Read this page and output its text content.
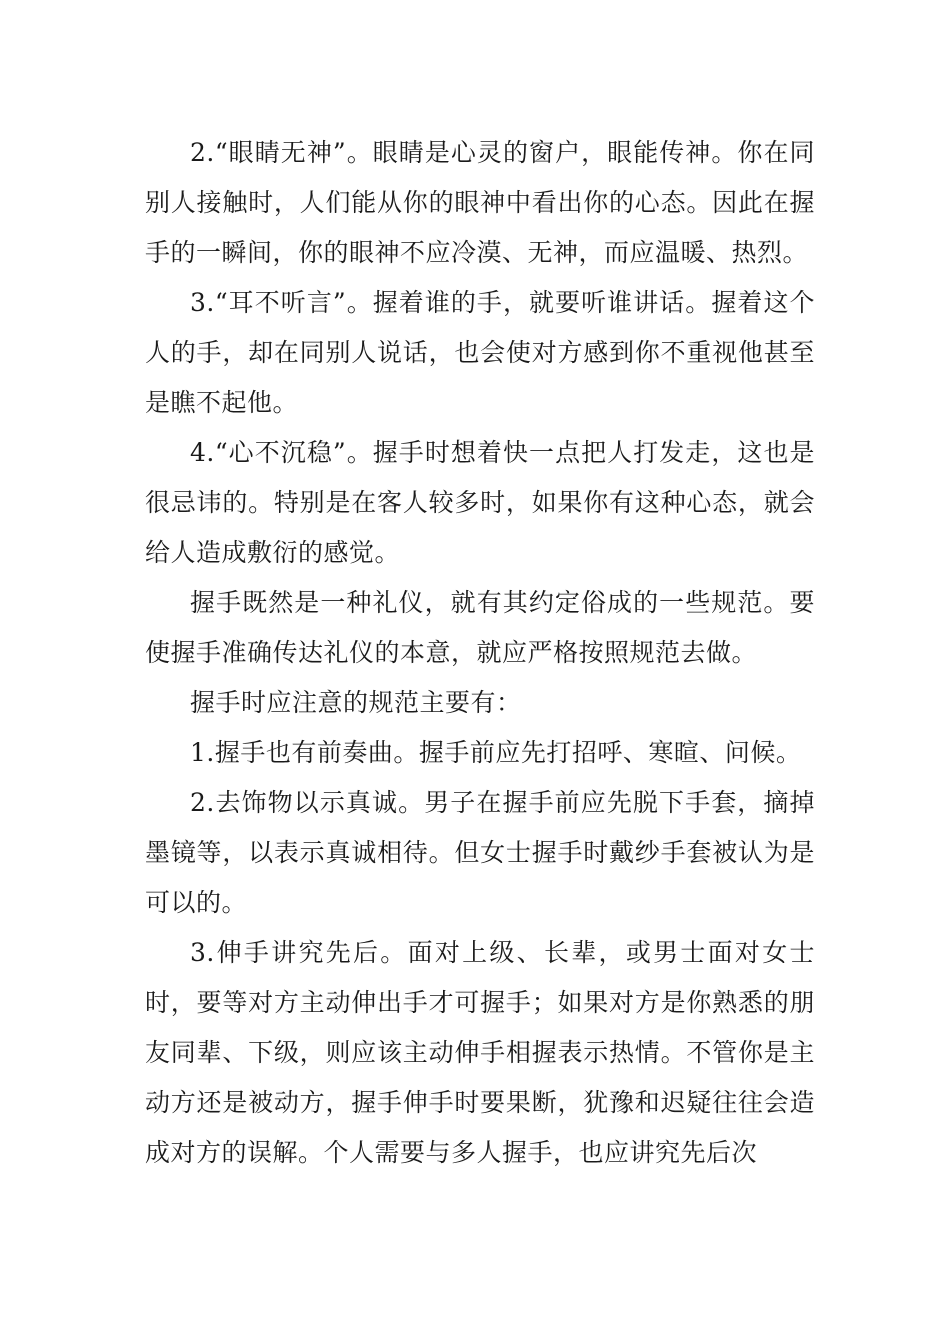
2.“眼睛无神”。眼睛是心灵的窗户，眼能传神。你在同别人接触时，人们能从你的眼神中看出你的心态。因此在握手的一瞬间，你的眼神不应冷漠、无神，而应温暖、热烈。

3.“耳不听言”。握着谁的手，就要听谁讲话。握着这个人的手，却在同别人说话，也会使对方感到你不重视他甚至是瞧不起他。

4.“心不沉稳”。握手时想着快一点把人打发走，这也是很忌讳的。特别是在客人较多时，如果你有这种心态，就会给人造成敷衍的感觉。

握手既然是一种礼仪，就有其约定俗成的一些规范。要使握手准确传达礼仪的本意，就应严格按照规范去做。

握手时应注意的规范主要有：

1.握手也有前奏曲。握手前应先打招呼、寒暄、问候。

2.去饰物以示真诚。男子在握手前应先脱下手套，摘掉墨镜等，以表示真诚相待。但女士握手时戴纱手套被认为是可以的。

3.伸手讲究先后。面对上级、长辈，或男士面对女士时，要等对方主动伸出手才可握手；如果对方是你熟悉的朋友同辈、下级，则应该主动伸手相握表示热情。不管你是主动方还是被动方，握手伸手时要果断，犹豫和迟疑往往会造成对方的误解。个人需要与多人握手，也应讲究先后次
